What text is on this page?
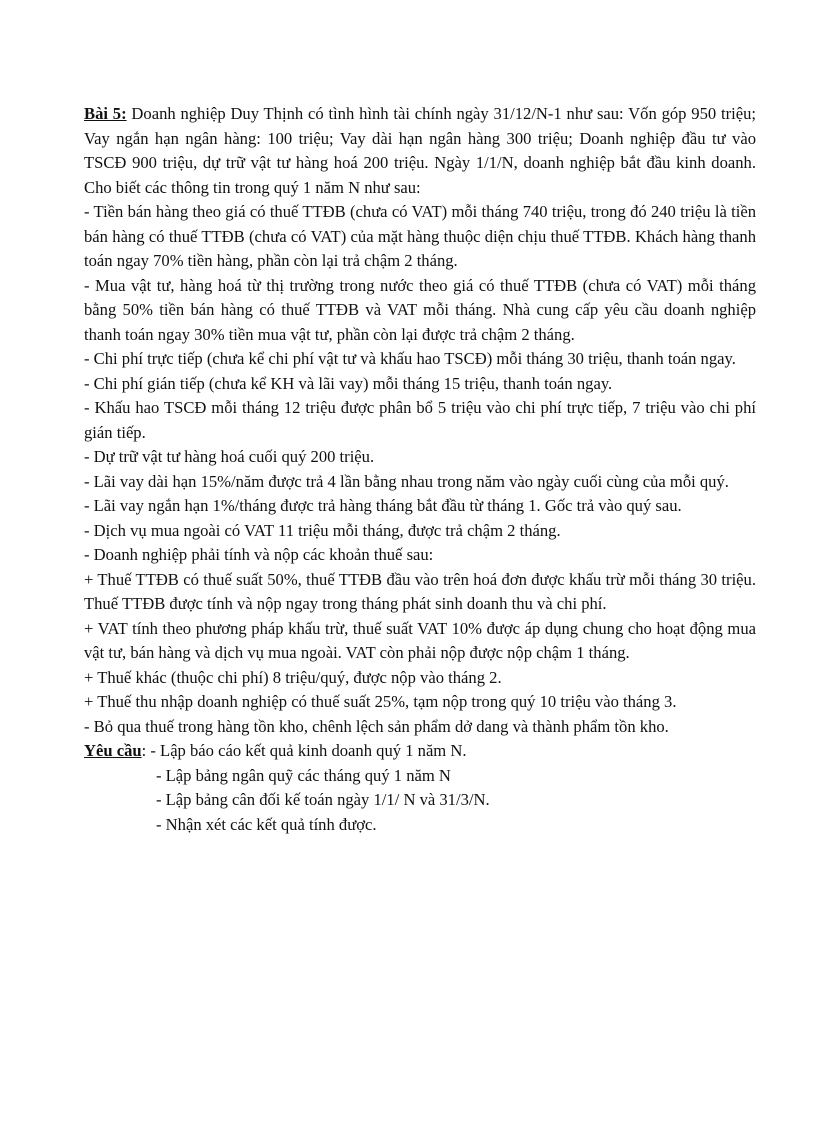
Bài 5: Doanh nghiệp Duy Thịnh có tình hình tài chính ngày 31/12/N-1 như sau: Vốn góp 950 triệu; Vay ngắn hạn ngân hàng: 100 triệu; Vay dài hạn ngân hàng 300 triệu; Doanh nghiệp đầu tư vào TSCĐ 900 triệu, dự trữ vật tư hàng hoá 200 triệu. Ngày 1/1/N, doanh nghiệp bắt đầu kinh doanh. Cho biết các thông tin trong quý 1 năm N như sau:

- Tiền bán hàng theo giá có thuế TTĐB (chưa có VAT) mỗi tháng 740 triệu, trong đó 240 triệu là tiền bán hàng có thuế TTĐB (chưa có VAT) của mặt hàng thuộc diện chịu thuế TTĐB. Khách hàng thanh toán ngay 70% tiền hàng, phần còn lại trả chậm 2 tháng.

- Mua vật tư, hàng hoá từ thị trường trong nước theo giá có thuế TTĐB (chưa có VAT) mỗi tháng bằng 50% tiền bán hàng có thuế TTĐB và VAT mỗi tháng. Nhà cung cấp yêu cầu doanh nghiệp thanh toán ngay 30% tiền mua vật tư, phần còn lại được trả chậm 2 tháng.

- Chi phí trực tiếp (chưa kể chi phí vật tư và khấu hao TSCĐ) mỗi tháng 30 triệu, thanh toán ngay.

- Chi phí gián tiếp (chưa kể KH và lãi vay) mỗi tháng 15 triệu, thanh toán ngay.

- Khấu hao TSCĐ mỗi tháng 12 triệu được phân bổ 5 triệu vào chi phí trực tiếp, 7 triệu vào chi phí gián tiếp.

- Dự trữ vật tư hàng hoá cuối quý 200 triệu.

- Lãi vay dài hạn 15%/năm được trả 4 lần bằng nhau trong năm vào ngày cuối cùng của mỗi quý.

- Lãi vay ngắn hạn 1%/tháng được trả hàng tháng bắt đầu từ tháng 1. Gốc trả vào quý sau.

- Dịch vụ mua ngoài có VAT 11 triệu mỗi tháng, được trả chậm 2 tháng.

- Doanh nghiệp phải tính và nộp các khoản thuế sau:

+ Thuế TTĐB có thuế suất 50%, thuế TTĐB đầu vào trên hoá đơn được khấu trừ mỗi tháng 30 triệu. Thuế TTĐB được tính và nộp ngay trong tháng phát sinh doanh thu và chi phí.

+ VAT tính theo phương pháp khấu trừ, thuế suất VAT 10% được áp dụng chung cho hoạt động mua vật tư, bán hàng và dịch vụ mua ngoài. VAT còn phải nộp được nộp chậm 1 tháng.

+ Thuế khác (thuộc chi phí) 8 triệu/quý, được nộp vào tháng 2.

+ Thuế thu nhập doanh nghiệp có thuế suất 25%, tạm nộp trong quý 10 triệu vào tháng 3.

- Bỏ qua thuế trong hàng tồn kho, chênh lệch sản phẩm dở dang và thành phẩm tồn kho.

Yêu cầu: - Lập báo cáo kết quả kinh doanh quý 1 năm N.

- Lập bảng ngân quỹ các tháng quý 1 năm N

- Lập bảng cân đối kế toán ngày 1/1/ N và 31/3/N.

- Nhận xét các kết quả tính được.
